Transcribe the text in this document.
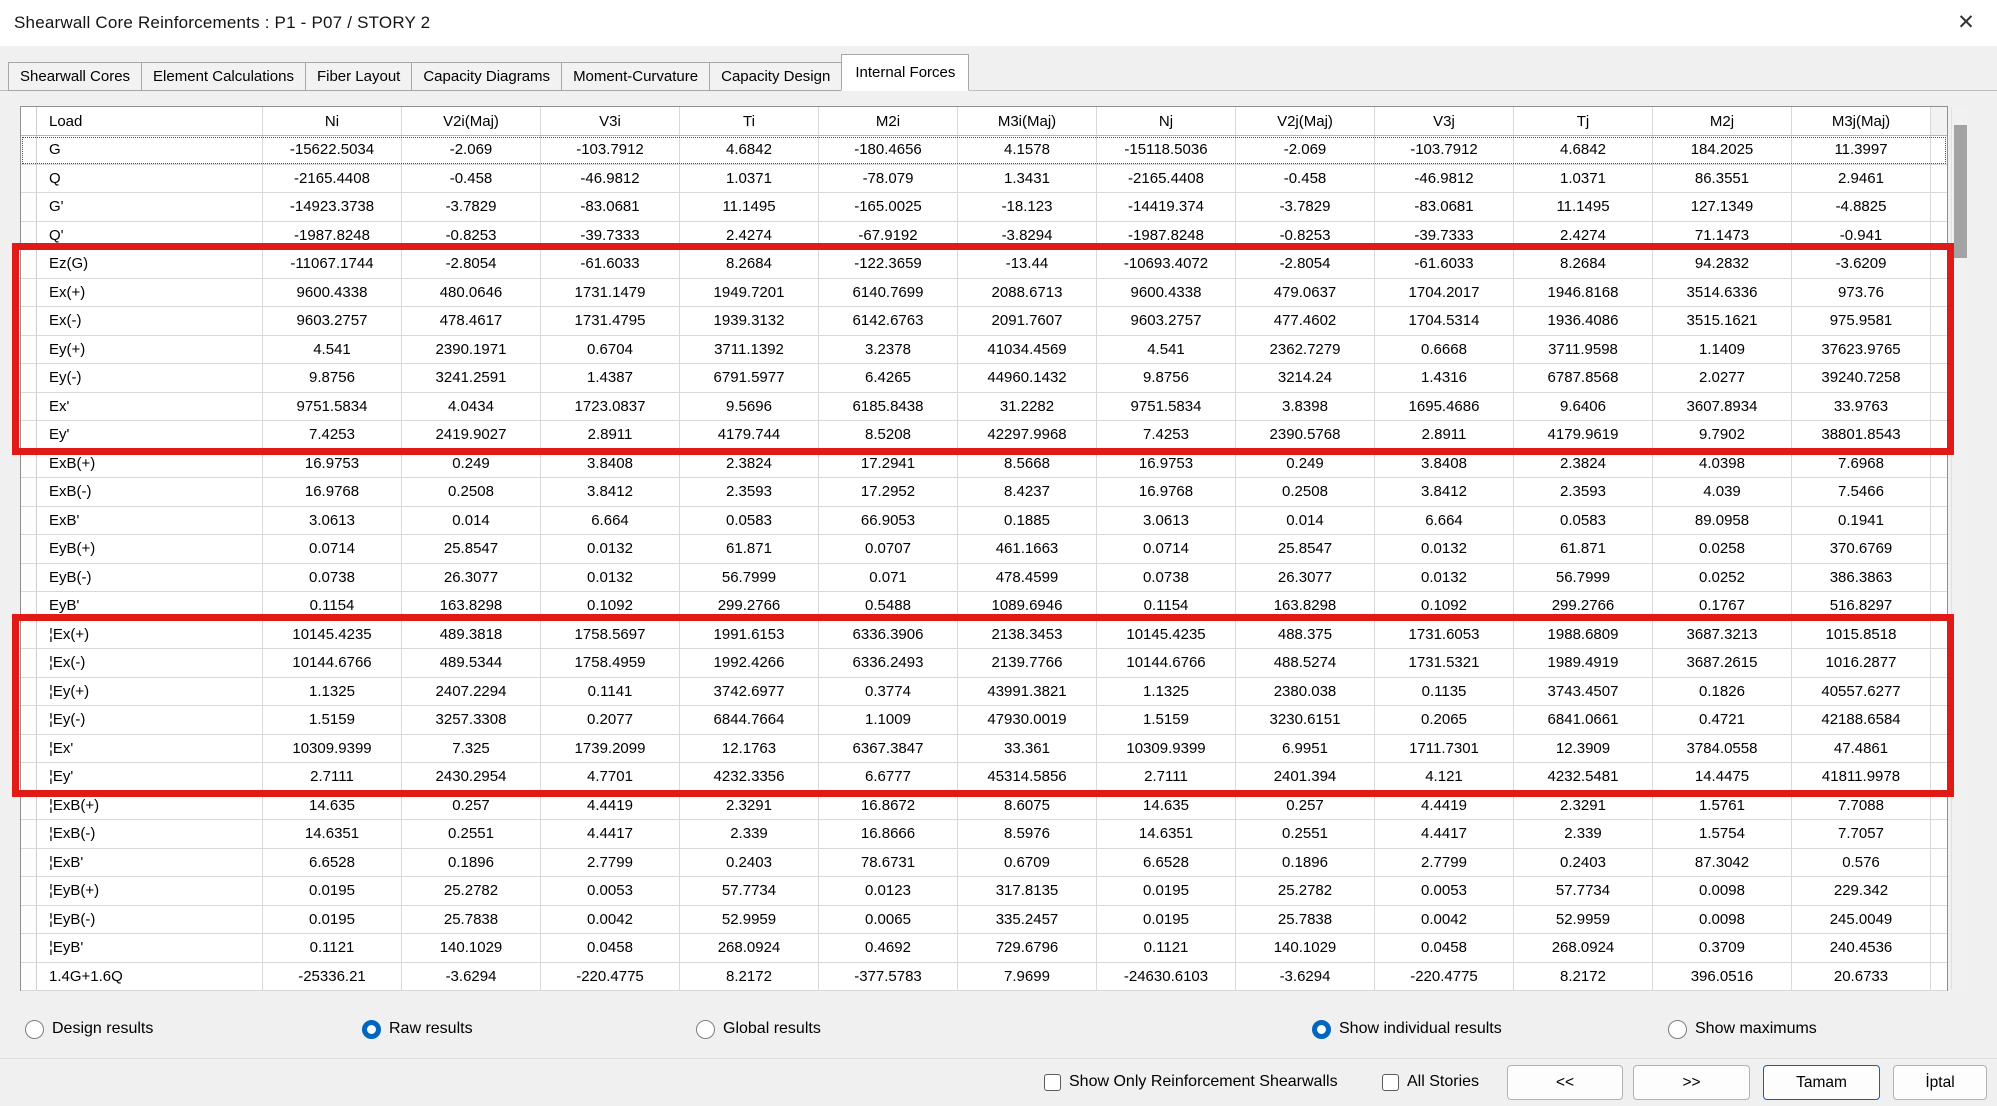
Shearwall Core Reinforcements : P1 - P07 / STORY 2	✕
Shearwall Cores	Element Calculations	Fiber Layout	Capacity Diagrams	Moment-Curvature	Capacity Design	Internal Forces
Load	Ni	V2i(Maj)	V3i	Ti	M2i	M3i(Maj)	Nj	V2j(Maj)	V3j	Tj	M2j	M3j(Maj)
G	-15622.5034	-2.069	-103.7912	4.6842	-180.4656	4.1578	-15118.5036	-2.069	-103.7912	4.6842	184.2025	11.3997
Q	-2165.4408	-0.458	-46.9812	1.0371	-78.079	1.3431	-2165.4408	-0.458	-46.9812	1.0371	86.3551	2.9461
G'	-14923.3738	-3.7829	-83.0681	11.1495	-165.0025	-18.123	-14419.374	-3.7829	-83.0681	11.1495	127.1349	-4.8825
Q'	-1987.8248	-0.8253	-39.7333	2.4274	-67.9192	-3.8294	-1987.8248	-0.8253	-39.7333	2.4274	71.1473	-0.941
Ez(G)	-11067.1744	-2.8054	-61.6033	8.2684	-122.3659	-13.44	-10693.4072	-2.8054	-61.6033	8.2684	94.2832	-3.6209
Ex(+)	9600.4338	480.0646	1731.1479	1949.7201	6140.7699	2088.6713	9600.4338	479.0637	1704.2017	1946.8168	3514.6336	973.76
Ex(-)	9603.2757	478.4617	1731.4795	1939.3132	6142.6763	2091.7607	9603.2757	477.4602	1704.5314	1936.4086	3515.1621	975.9581
Ey(+)	4.541	2390.1971	0.6704	3711.1392	3.2378	41034.4569	4.541	2362.7279	0.6668	3711.9598	1.1409	37623.9765
Ey(-)	9.8756	3241.2591	1.4387	6791.5977	6.4265	44960.1432	9.8756	3214.24	1.4316	6787.8568	2.0277	39240.7258
Ex'	9751.5834	4.0434	1723.0837	9.5696	6185.8438	31.2282	9751.5834	3.8398	1695.4686	9.6406	3607.8934	33.9763
Ey'	7.4253	2419.9027	2.8911	4179.744	8.5208	42297.9968	7.4253	2390.5768	2.8911	4179.9619	9.7902	38801.8543
ExB(+)	16.9753	0.249	3.8408	2.3824	17.2941	8.5668	16.9753	0.249	3.8408	2.3824	4.0398	7.6968
ExB(-)	16.9768	0.2508	3.8412	2.3593	17.2952	8.4237	16.9768	0.2508	3.8412	2.3593	4.039	7.5466
ExB'	3.0613	0.014	6.664	0.0583	66.9053	0.1885	3.0613	0.014	6.664	0.0583	89.0958	0.1941
EyB(+)	0.0714	25.8547	0.0132	61.871	0.0707	461.1663	0.0714	25.8547	0.0132	61.871	0.0258	370.6769
EyB(-)	0.0738	26.3077	0.0132	56.7999	0.071	478.4599	0.0738	26.3077	0.0132	56.7999	0.0252	386.3863
EyB'	0.1154	163.8298	0.1092	299.2766	0.5488	1089.6946	0.1154	163.8298	0.1092	299.2766	0.1767	516.8297
¦Ex(+)	10145.4235	489.3818	1758.5697	1991.6153	6336.3906	2138.3453	10145.4235	488.375	1731.6053	1988.6809	3687.3213	1015.8518
¦Ex(-)	10144.6766	489.5344	1758.4959	1992.4266	6336.2493	2139.7766	10144.6766	488.5274	1731.5321	1989.4919	3687.2615	1016.2877
¦Ey(+)	1.1325	2407.2294	0.1141	3742.6977	0.3774	43991.3821	1.1325	2380.038	0.1135	3743.4507	0.1826	40557.6277
¦Ey(-)	1.5159	3257.3308	0.2077	6844.7664	1.1009	47930.0019	1.5159	3230.6151	0.2065	6841.0661	0.4721	42188.6584
¦Ex'	10309.9399	7.325	1739.2099	12.1763	6367.3847	33.361	10309.9399	6.9951	1711.7301	12.3909	3784.0558	47.4861
¦Ey'	2.7111	2430.2954	4.7701	4232.3356	6.6777	45314.5856	2.7111	2401.394	4.121	4232.5481	14.4475	41811.9978
¦ExB(+)	14.635	0.257	4.4419	2.3291	16.8672	8.6075	14.635	0.257	4.4419	2.3291	1.5761	7.7088
¦ExB(-)	14.6351	0.2551	4.4417	2.339	16.8666	8.5976	14.6351	0.2551	4.4417	2.339	1.5754	7.7057
¦ExB'	6.6528	0.1896	2.7799	0.2403	78.6731	0.6709	6.6528	0.1896	2.7799	0.2403	87.3042	0.576
¦EyB(+)	0.0195	25.2782	0.0053	57.7734	0.0123	317.8135	0.0195	25.2782	0.0053	57.7734	0.0098	229.342
¦EyB(-)	0.0195	25.7838	0.0042	52.9959	0.0065	335.2457	0.0195	25.7838	0.0042	52.9959	0.0098	245.0049
¦EyB'	0.1121	140.1029	0.0458	268.0924	0.4692	729.6796	0.1121	140.1029	0.0458	268.0924	0.3709	240.4536
1.4G+1.6Q	-25336.21	-3.6294	-220.4775	8.2172	-377.5783	7.9699	-24630.6103	-3.6294	-220.4775	8.2172	396.0516	20.6733
Design results	Raw results	Global results	Show individual results	Show maximums
Show Only Reinforcement Shearwalls	All Stories	<<	>>	Tamam	İptal
